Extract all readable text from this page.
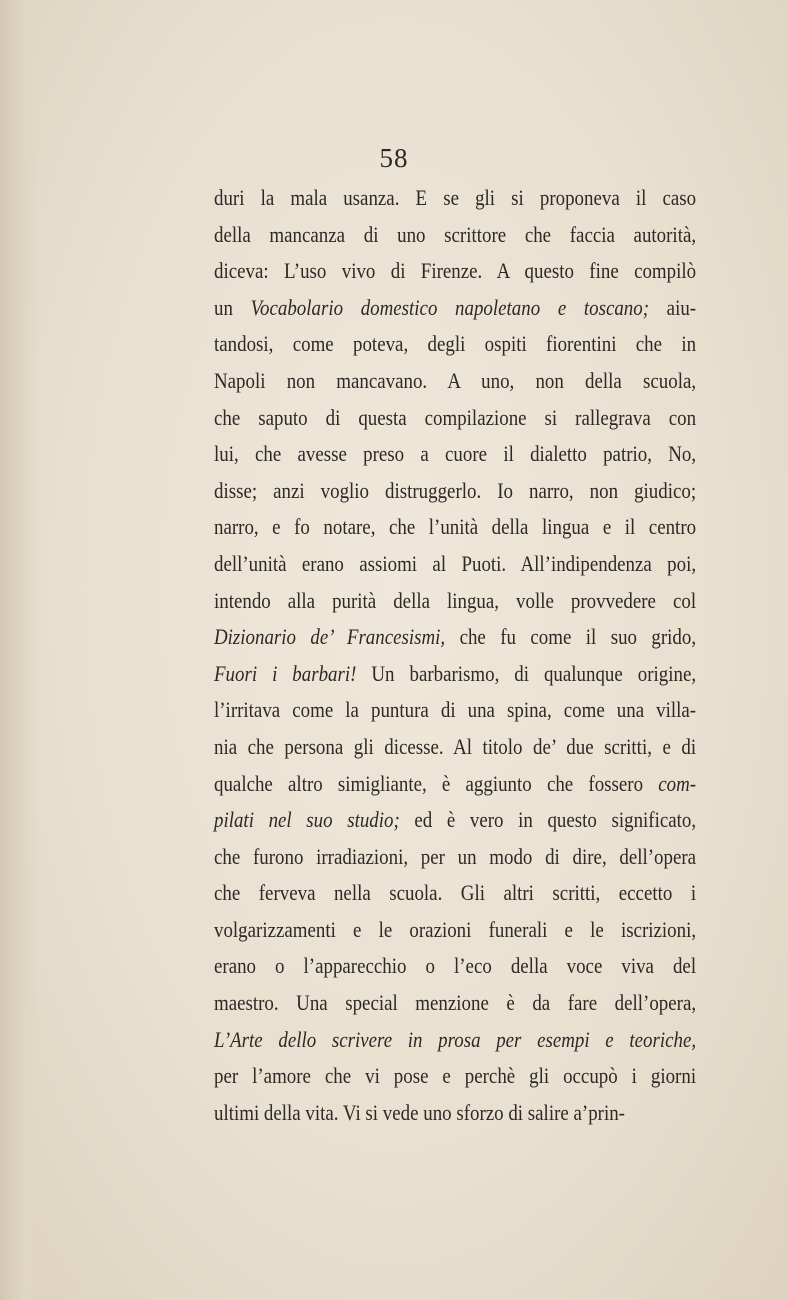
58
duri la mala usanza. E se gli si proponeva il caso
della mancanza di uno scrittore che faccia autorità,
diceva: L’uso vivo di Firenze. A questo fine compilò
un Vocabolario domestico napoletano e toscano; aiu-
tandosi, come poteva, degli ospiti fiorentini che in
Napoli non mancavano. A uno, non della scuola,
che saputo di questa compilazione si rallegrava con
lui, che avesse preso a cuore il dialetto patrio, No,
disse; anzi voglio distruggerlo. Io narro, non giudico;
narro, e fo notare, che l’unità della lingua e il centro
dell’unità erano assiomi al Puoti. All’indipendenza poi,
intendo alla purità della lingua, volle provvedere col
Dizionario de’ Francesismi, che fu come il suo grido,
Fuori i barbari! Un barbarismo, di qualunque origine,
l’irritava come la puntura di una spina, come una villa-
nia che persona gli dicesse. Al titolo de’ due scritti, e di
qualche altro simigliante, è aggiunto che fossero com-
pilati nel suo studio; ed è vero in questo significato,
che furono irradiazioni, per un modo di dire, dell’opera
che ferveva nella scuola. Gli altri scritti, eccetto i
volgarizzamenti e le orazioni funerali e le iscrizioni,
erano o l’apparecchio o l’eco della voce viva del
maestro. Una special menzione è da fare dell’opera,
L’Arte dello scrivere in prosa per esempi e teoriche,
per l’amore che vi pose e perchè gli occupò i giorni
ultimi della vita. Vi si vede uno sforzo di salire a’prin-
